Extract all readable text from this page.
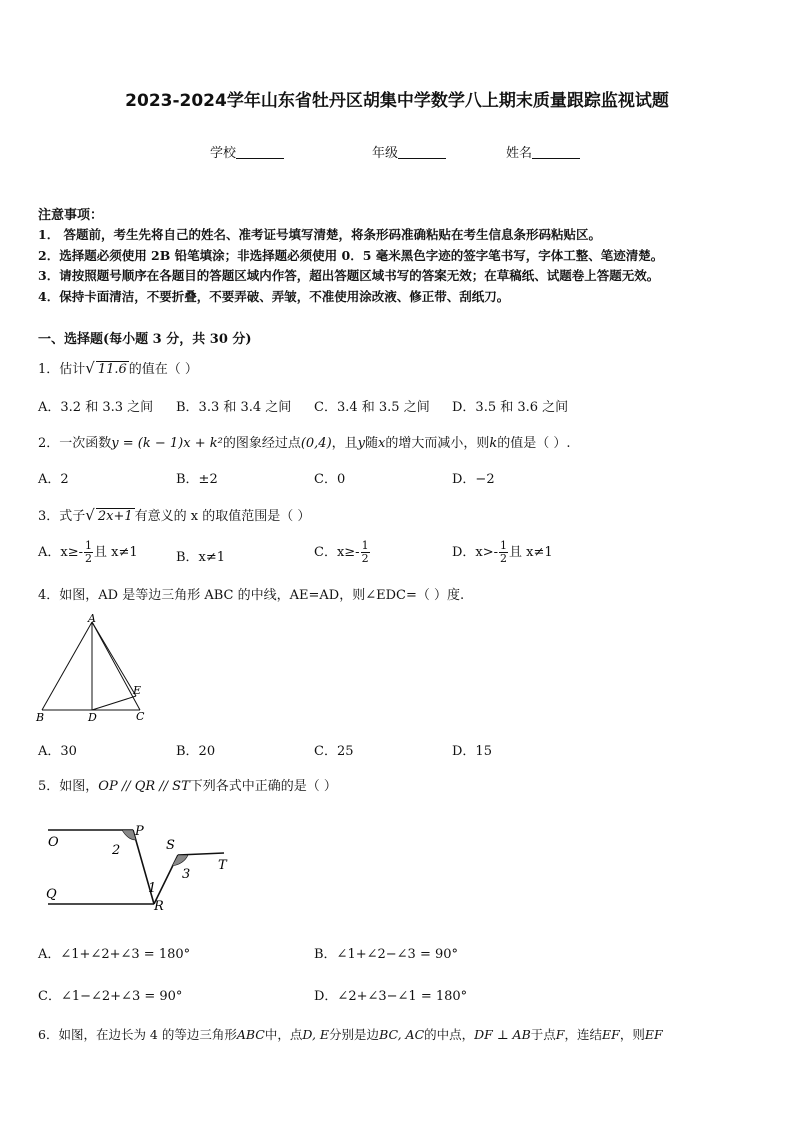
2023-2024学年山东省牡丹区胡集中学数学八上期末质量跟踪监视试题
学校	年级	姓名
注意事项：
1． 答题前，考生先将自己的姓名、准考证号填写清楚，将条形码准确粘贴在考生信息条形码粘贴区。
2．选择题必须使用 2B 铅笔填涂；非选择题必须使用 0．5 毫米黑色字迹的签字笔书写，字体工整、笔迹清楚。
3．请按照题号顺序在各题目的答题区域内作答，超出答题区域书写的答案无效；在草稿纸、试题卷上答题无效。
4．保持卡面清洁，不要折叠，不要弄破、弄皱，不准使用涂改液、修正带、刮纸刀。
一、选择题(每小题 3 分，共 30 分)
1．估计√ 11.6 的值在（ ）
A．3.2 和 3.3 之间 B．3.3 和 3.4 之间 C．3.4 和 3.5 之间 D．3.5 和 3.6 之间
2．一次函数y = (k − 1)x + k²的图象经过点(0,4)，且y随x的增大而减小，则k的值是（ ）.
A．2	B．±2	C．0	D．−2
3．式子√ 2x+1 有意义的 x 的取值范围是（ ）
A．$x\ge- \frac{1}{2}$ 且 x≠1	B．x≠1	C．$x\ge- \frac{1}{2}$	D．$x>- \frac{1}{2}$ 且 x≠1
4．如图，AD 是等边三角形 ABC 的中线，AE=AD，则∠EDC=（ ）度.
A
B	D	C
E
A．30	B．20	C．25	D．15
5．如图，OP // QR // ST下列各式中正确的是（ ）
O
P
2	S
T
3
Q	1
R
A．∠1+∠2+∠3 = 180°	B．∠1+∠2−∠3 = 90°
C．∠1−∠2+∠3 = 90°	D．∠2+∠3−∠1 = 180°
6．如图，在边长为 4 的等边三角形ABC中，点D, E分别是边BC, AC的中点，DF ⊥ AB于点F，连结EF，则EF
